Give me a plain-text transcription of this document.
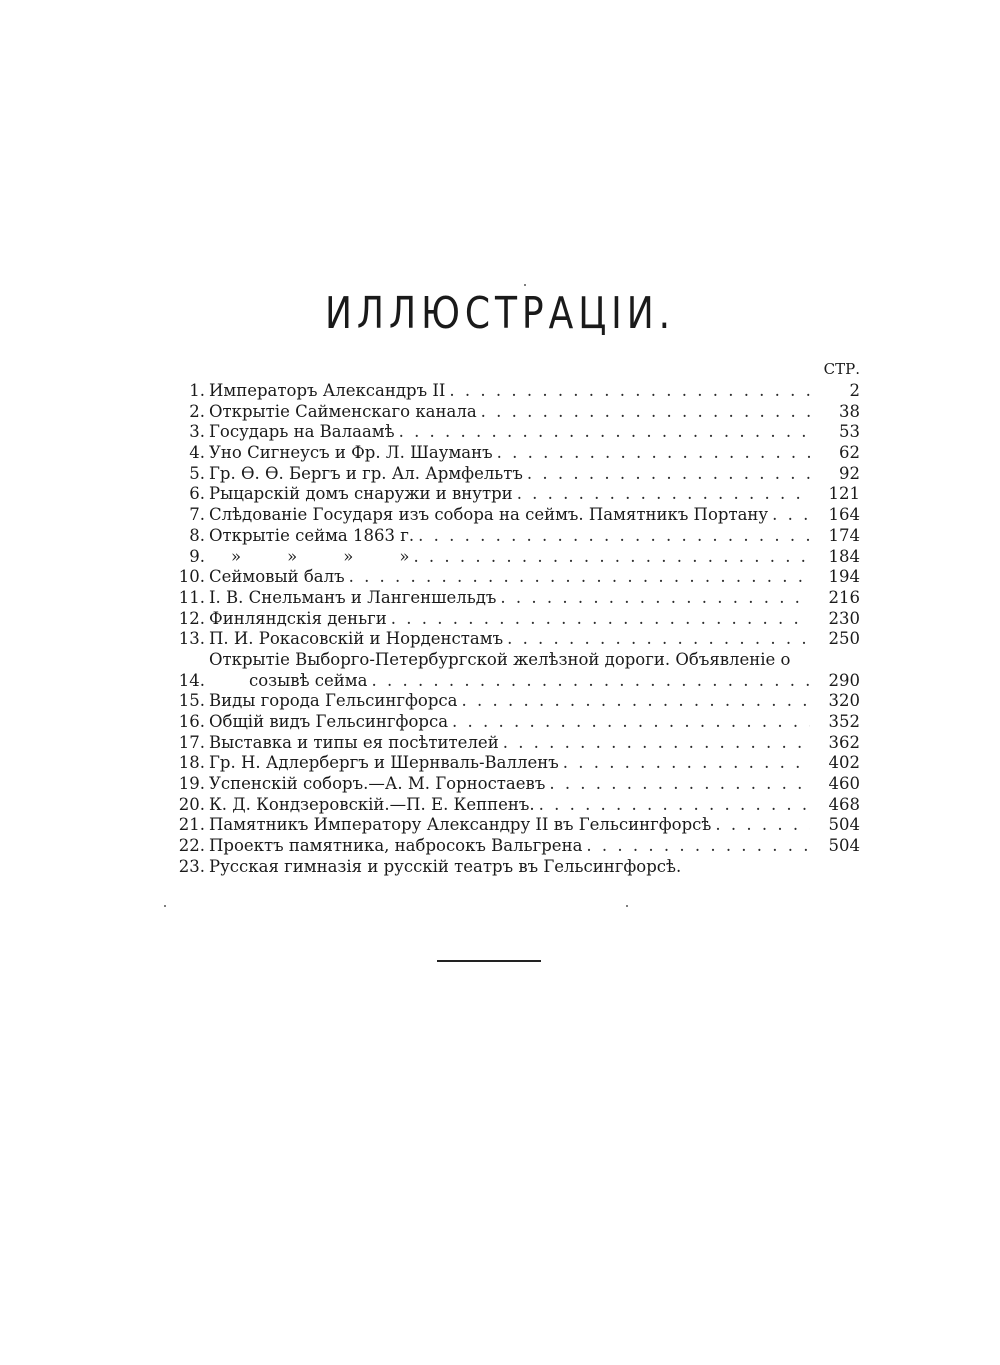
ИЛЛЮСТРАЦІИ.
СТР.
1. Императоръ Александръ II . . .	2
2. Открытіе Сайменскаго канала . . .	38
3. Государь на Валаамѣ . . .	53
4. Уно Сигнеусъ и Фр. Л. Шауманъ . . .	62
5. Гр. Ѳ. Ѳ. Бергъ и гр. Ал. Армфельтъ . . .	92
6. Рыцарскій домъ снаружи и внутри . . .	121
7. Слѣдованіе Государя изъ собора на сеймъ. Памятникъ Портану . . .	164
8. Открытіе сейма 1863 г. . . .	174
9. »	»	»	» . . .	184
10. Сеймовый балъ . . .	194
11. І. В. Снельманъ и Лангеншельдъ . . .	216
12. Финляндскія деньги . . .	230
13. П. И. Рокасовскій и Норденстамъ . . .	250
14.
Открытіе Выборго-Петербургской желѣзной дороги. Объявленіе о
созывѣ сейма . . .	290
15. Виды города Гельсингфорса . . .	320
16. Общій видъ Гельсингфорса . . .	352
17. Выставка и типы ея посѣтителей . . .	362
18. Гр. Н. Адлербергъ и Шернваль-Валленъ . . .	402
19. Успенскій соборъ.—А. М. Горностаевъ . . .	460
20. К. Д. Кондзеровскій.—П. Е. Кеппенъ. . . .	468
21. Памятникъ Императору Александру II въ Гельсингфорсѣ . . .	504
22. Проектъ памятника, набросокъ Вальгрена . . .	504
23. Русская гимназія и русскій театръ въ Гельсингфорсѣ.
